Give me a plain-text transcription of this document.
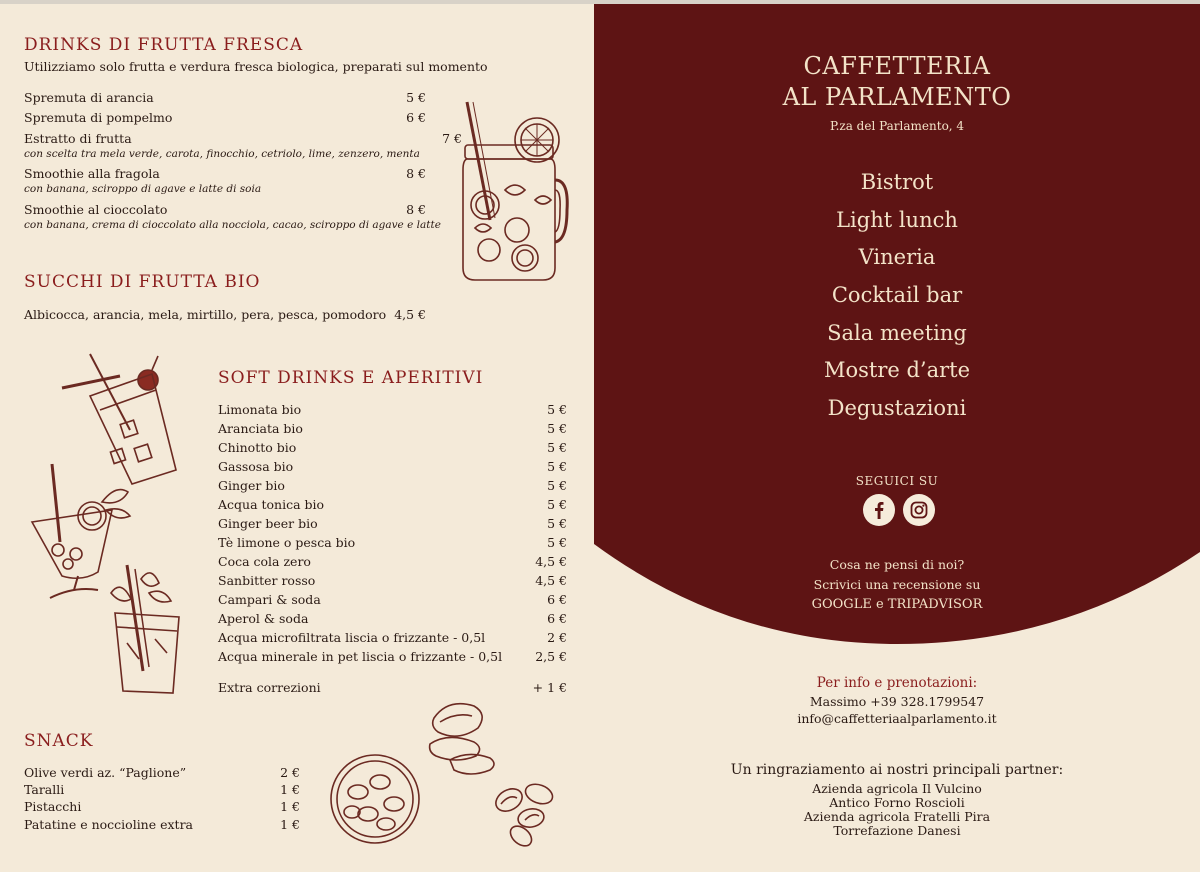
DRINKS DI FRUTTA FRESCA
Utilizziamo solo frutta e verdura fresca biologica, preparati sul momento
Spremuta di arancia	5 €
Spremuta di pompelmo	6 €
Estratto di frutta	7 €
con scelta tra mela verde, carota, finocchio, cetriolo, lime, zenzero, menta
Smoothie alla fragola	8 €
con banana, sciroppo di agave e latte di soia
Smoothie al cioccolato	8 €
con banana, crema di cioccolato alla nocciola, cacao, sciroppo di agave e latte
SUCCHI DI FRUTTA BIO
Albicocca, arancia, mela, mirtillo, pera, pesca, pomodoro 4,5 €
SOFT DRINKS E APERITIVI
Limonata bio	5 €
Aranciata bio	5 €
Chinotto bio	5 €
Gassosa bio	5 €
Ginger bio	5 €
Acqua tonica bio	5 €
Ginger beer bio	5 €
Tè limone o pesca bio	5 €
Coca cola zero	4,5 €
Sanbitter rosso	4,5 €
Campari & soda	6 €
Aperol & soda	6 €
Acqua microfiltrata liscia o frizzante - 0,5l	2 €
Acqua minerale in pet liscia o frizzante - 0,5l	2,5 €
Extra correzioni	+ 1 €
SNACK
Olive verdi az. “Paglione”	2 €
Taralli	1 €
Pistacchi	1 €
Patatine e noccioline extra	1 €
CAFFETTERIA
AL PARLAMENTO
P.za del Parlamento, 4
Bistrot
Light lunch
Vineria
Cocktail bar
Sala meeting
Mostre d’arte
Degustazioni
SEGUICI SU
Cosa ne pensi di noi?
Scrivici una recensione su
GOOGLE e TRIPADVISOR
Per info e prenotazioni:
Massimo +39 328.1799547
info@caffetteriaalparlamento.it
Un ringraziamento ai nostri principali partner:
Azienda agricola Il Vulcino
Antico Forno Roscioli
Azienda agricola Fratelli Pira
Torrefazione Danesi
